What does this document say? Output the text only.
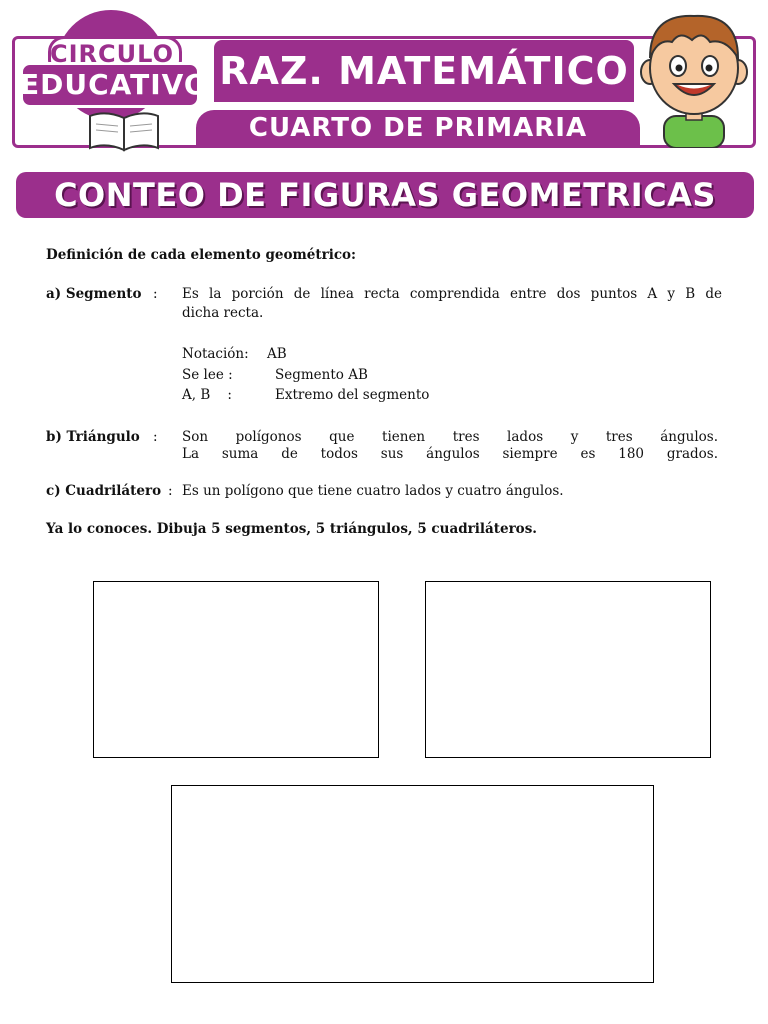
CIRCULO
EDUCATIVO RAZ. MATEMÁTICO
CUARTO DE PRIMARIA
CONTEO DE FIGURAS GEOMETRICAS
Definición de cada elemento geométrico:
a) Segmento : Es la porción de línea recta comprendida entre dos puntos A y B de
dicha recta.
Notación: AB
Se lee :	Segmento AB
A, B    :	Extremo del segmento
b) Triángulo : Son polígonos que tienen tres lados y tres ángulos.
La suma de todos sus ángulos siempre es 180 grados.
c) Cuadrilátero : Es un polígono que tiene cuatro lados y cuatro ángulos.
Ya lo conoces. Dibuja 5 segmentos, 5 triángulos, 5 cuadriláteros.
